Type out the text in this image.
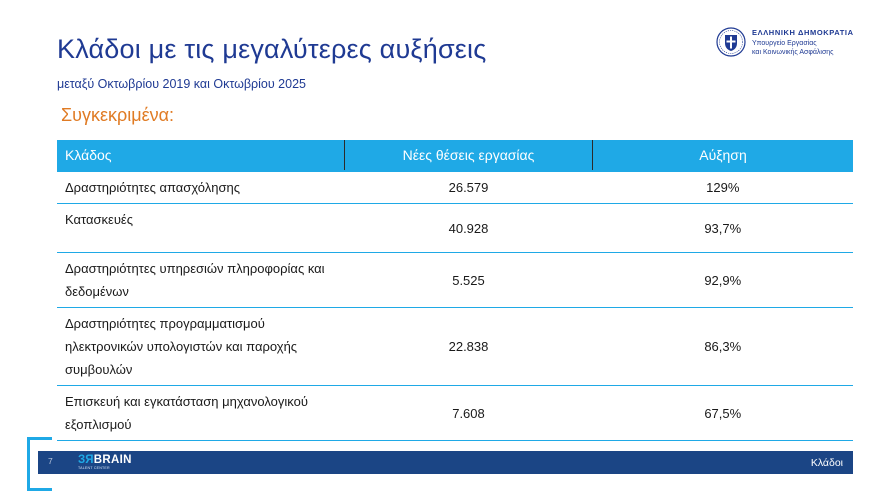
Κλάδοι με τις μεγαλύτερες αυξήσεις
μεταξύ Οκτωβρίου 2019 και Οκτωβρίου 2025
Συγκεκριμένα:
ΕΛΛΗΝΙΚΗ ΔΗΜΟΚΡΑΤΙΑ
Υπουργείο Εργασίας
και Κοινωνικής Ασφάλισης
Κλάδος	Νέες θέσεις εργασίας	Αύξηση
Δραστηριότητες απασχόλησης	26.579	129%
Κατασκευές	40.928	93,7%
Δραστηριότητες υπηρεσιών πληροφορίας και δεδομένων	5.525	92,9%
Δραστηριότητες προγραμματισμού ηλεκτρονικών υπολογιστών και παροχής συμβουλών	22.838	86,3%
Επισκευή και εγκατάσταση μηχανολογικού εξοπλισμού	7.608	67,5%
7 ЗЯBRAIN
TALENT CENTER	Κλάδοι
